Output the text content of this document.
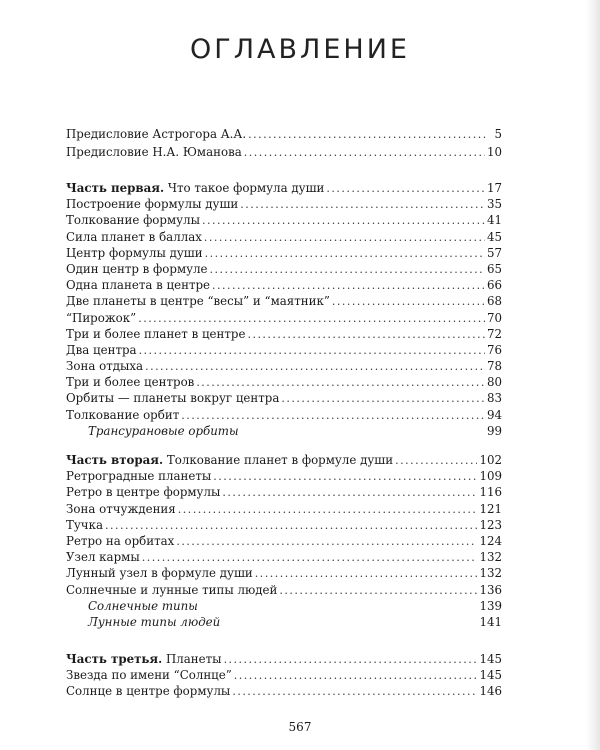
ОГЛАВЛЕНИЕ
Предисловие Астрогора А.А. . . .	5
Предисловие Н.А. Юманова . . .	10
Часть первая. Что такое формула души . . .	17
Построение формулы души . . .	35
Толкование формулы . . .	41
Сила планет в баллах . . .	45
Центр формулы души . . .	57
Один центр в формуле . . .	65
Одна планета в центре . . .	66
Две планеты в центре “весы” и “маятник” . . .	68
“Пирожок” . . .	70
Три и более планет в центре . . .	72
Два центра . . .	76
Зона отдыха . . .	78
Три и более центров . . .	80
Орбиты — планеты вокруг центра . . .	83
Толкование орбит . . .	94
Трансурановые орбиты	99
Часть вторая. Толкование планет в формуле души . . .	102
Ретроградные планеты . . .	109
Ретро в центре формулы . . .	116
Зона отчуждения . . .	121
Тучка . . .	123
Ретро на орбитах . . .	124
Узел кармы . . .	132
Лунный узел в формуле души . . .	132
Солнечные и лунные типы людей . . .	136
Солнечные типы	139
Лунные типы людей	141
Часть третья. Планеты . . .	145
Звезда по имени “Солнце” . . .	145
Солнце в центре формулы . . .	146
567
